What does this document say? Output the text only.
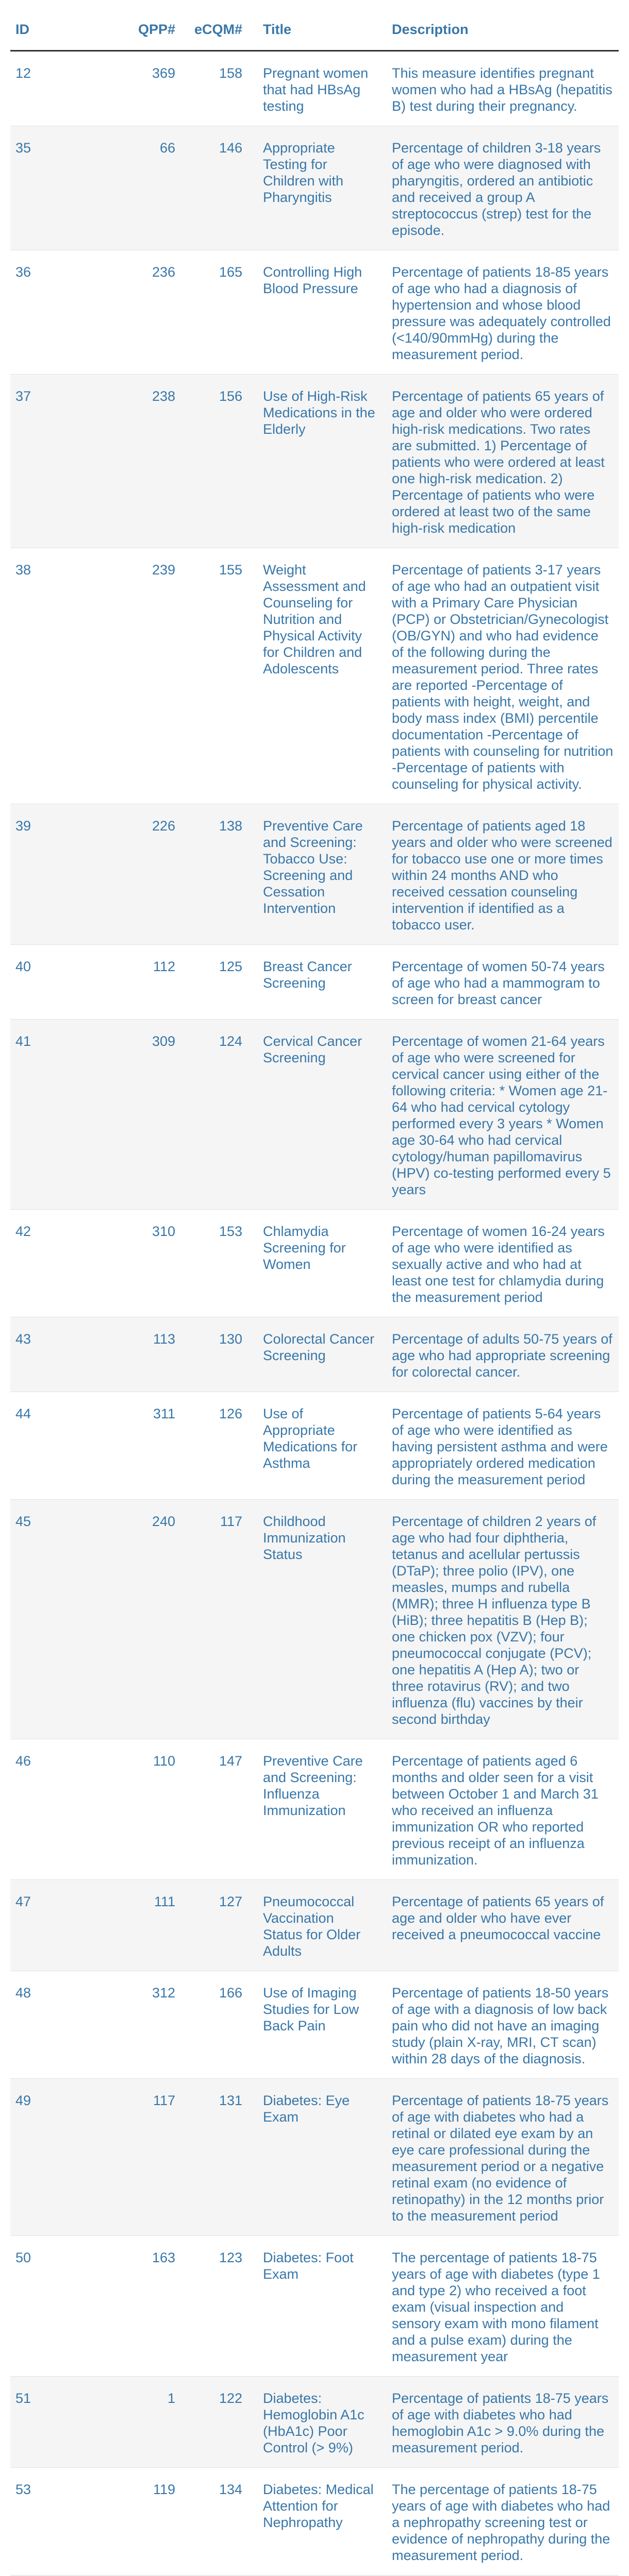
ID	QPP#	eCQM#	Title	Description
12	369	158	Pregnant women that had HBsAg testing	This measure identifies pregnant women who had a HBsAg (hepatitis B) test during their pregnancy.
35	66	146	Appropriate Testing for Children with Pharyngitis	Percentage of children 3-18 years of age who were diagnosed with pharyngitis, ordered an antibiotic and received a group A streptococcus (strep) test for the episode.
36	236	165	Controlling High Blood Pressure	Percentage of patients 18-85 years of age who had a diagnosis of hypertension and whose blood pressure was adequately controlled (<140/90mmHg) during the measurement period.
37	238	156	Use of High-Risk Medications in the Elderly	Percentage of patients 65 years of age and older who were ordered high-risk medications. Two rates are submitted. 1) Percentage of patients who were ordered at least one high-risk medication. 2) Percentage of patients who were ordered at least two of the same high-risk medication
38	239	155	Weight Assessment and Counseling for Nutrition and Physical Activity for Children and Adolescents	Percentage of patients 3-17 years of age who had an outpatient visit with a Primary Care Physician (PCP) or Obstetrician/Gynecologist (OB/GYN) and who had evidence of the following during the measurement period. Three rates are reported -Percentage of patients with height, weight, and body mass index (BMI) percentile documentation -Percentage of patients with counseling for nutrition -Percentage of patients with counseling for physical activity.
39	226	138	Preventive Care and Screening: Tobacco Use: Screening and Cessation Intervention	Percentage of patients aged 18 years and older who were screened for tobacco use one or more times within 24 months AND who received cessation counseling intervention if identified as a tobacco user.
40	112	125	Breast Cancer Screening	Percentage of women 50-74 years of age who had a mammogram to screen for breast cancer
41	309	124	Cervical Cancer Screening	Percentage of women 21-64 years of age who were screened for cervical cancer using either of the following criteria: * Women age 21-64 who had cervical cytology performed every 3 years * Women age 30-64 who had cervical cytology/human papillomavirus (HPV) co-testing performed every 5 years
42	310	153	Chlamydia Screening for Women	Percentage of women 16-24 years of age who were identified as sexually active and who had at least one test for chlamydia during the measurement period
43	113	130	Colorectal Cancer Screening	Percentage of adults 50-75 years of age who had appropriate screening for colorectal cancer.
44	311	126	Use of Appropriate Medications for Asthma	Percentage of patients 5-64 years of age who were identified as having persistent asthma and were appropriately ordered medication during the measurement period
45	240	117	Childhood Immunization Status	Percentage of children 2 years of age who had four diphtheria, tetanus and acellular pertussis (DTaP); three polio (IPV), one measles, mumps and rubella (MMR); three H influenza type B (HiB); three hepatitis B (Hep B); one chicken pox (VZV); four pneumococcal conjugate (PCV); one hepatitis A (Hep A); two or three rotavirus (RV); and two influenza (flu) vaccines by their second birthday
46	110	147	Preventive Care and Screening: Influenza Immunization	Percentage of patients aged 6 months and older seen for a visit between October 1 and March 31 who received an influenza immunization OR who reported previous receipt of an influenza immunization.
47	111	127	Pneumococcal Vaccination Status for Older Adults	Percentage of patients 65 years of age and older who have ever received a pneumococcal vaccine
48	312	166	Use of Imaging Studies for Low Back Pain	Percentage of patients 18-50 years of age with a diagnosis of low back pain who did not have an imaging study (plain X-ray, MRI, CT scan) within 28 days of the diagnosis.
49	117	131	Diabetes: Eye Exam	Percentage of patients 18-75 years of age with diabetes who had a retinal or dilated eye exam by an eye care professional during the measurement period or a negative retinal exam (no evidence of retinopathy) in the 12 months prior to the measurement period
50	163	123	Diabetes: Foot Exam	The percentage of patients 18-75 years of age with diabetes (type 1 and type 2) who received a foot exam (visual inspection and sensory exam with mono filament and a pulse exam) during the measurement year
51	1	122	Diabetes: Hemoglobin A1c (HbA1c) Poor Control (> 9%)	Percentage of patients 18-75 years of age with diabetes who had hemoglobin A1c > 9.0% during the measurement period.
53	119	134	Diabetes: Medical Attention for Nephropathy	The percentage of patients 18-75 years of age with diabetes who had a nephropathy screening test or evidence of nephropathy during the measurement period.
